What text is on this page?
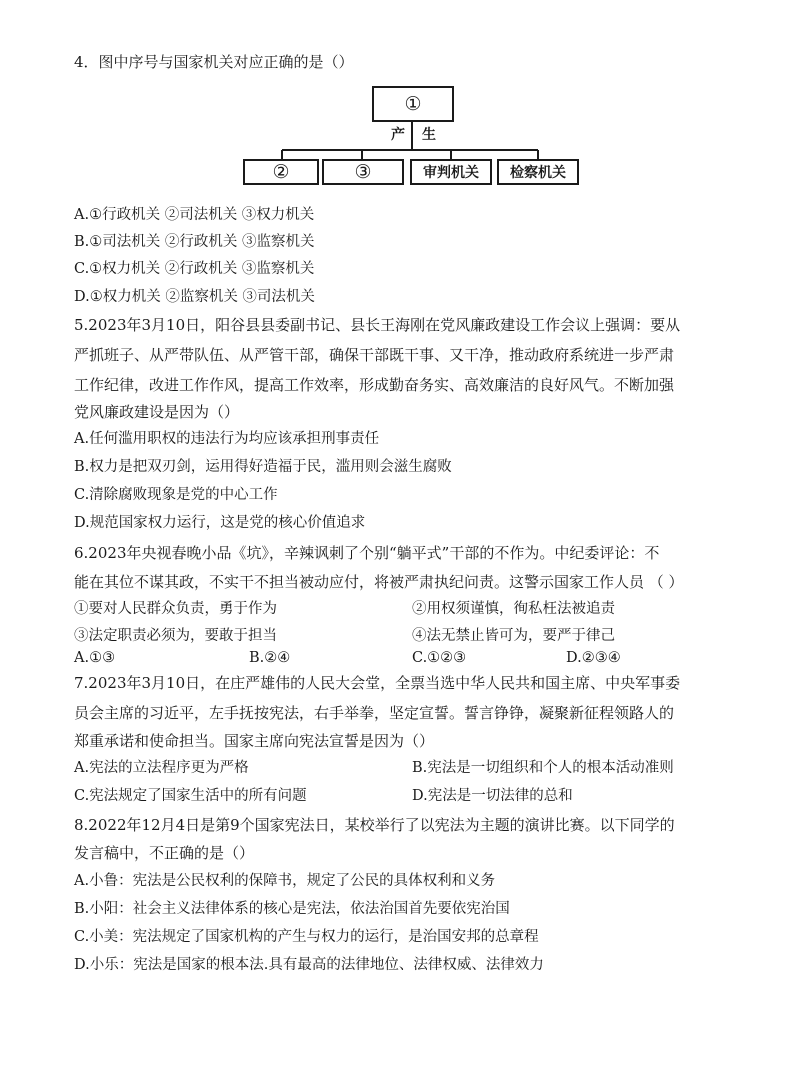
4．图中序号与国家机关对应正确的是（）
①
产 生
②	③	审判机关	检察机关
A.①行政机关 ②司法机关 ③权力机关
B.①司法机关 ②行政机关 ③监察机关
C.①权力机关 ②行政机关 ③监察机关
D.①权力机关 ②监察机关 ③司法机关
5.2023年3月10日，阳谷县县委副书记、县长王海刚在党风廉政建设工作会议上强调：要从
严抓班子、从严带队伍、从严管干部，确保干部既干事、又干净，推动政府系统进一步严肃
工作纪律，改进工作作风，提高工作效率，形成勤奋务实、高效廉洁的良好风气。不断加强
党风廉政建设是因为（）
A.任何滥用职权的违法行为均应该承担刑事责任
B.权力是把双刃剑，运用得好造福于民，滥用则会滋生腐败
C.清除腐败现象是党的中心工作
D.规范国家权力运行，这是党的核心价值追求
6.2023年央视春晚小品《坑》，辛辣讽刺了个别“躺平式”干部的不作为。中纪委评论：不
能在其位不谋其政，不实干不担当被动应付，将被严肃执纪问责。这警示国家工作人员 （ ）
①要对人民群众负责，勇于作为	②用权须谨慎，徇私枉法被追责
③法定职责必须为，要敢于担当	④法无禁止皆可为，要严于律己
A.①③	B.②④	C.①②③	D.②③④
7.2023年3月10日，在庄严雄伟的人民大会堂，全票当选中华人民共和国主席、中央军事委
员会主席的习近平，左手抚按宪法，右手举拳，坚定宣誓。誓言铮铮，凝聚新征程领路人的
郑重承诺和使命担当。国家主席向宪法宣誓是因为（）
A.宪法的立法程序更为严格	B.宪法是一切组织和个人的根本活动准则
C.宪法规定了国家生活中的所有问题	D.宪法是一切法律的总和
8.2022年12月4日是第9个国家宪法日，某校举行了以宪法为主题的演讲比赛。以下同学的
发言稿中，不正确的是（）
A.小鲁：宪法是公民权利的保障书，规定了公民的具体权利和义务
B.小阳：社会主义法律体系的核心是宪法，依法治国首先要依宪治国
C.小美：宪法规定了国家机构的产生与权力的运行，是治国安邦的总章程
D.小乐：宪法是国家的根本法.具有最高的法律地位、法律权威、法律效力
